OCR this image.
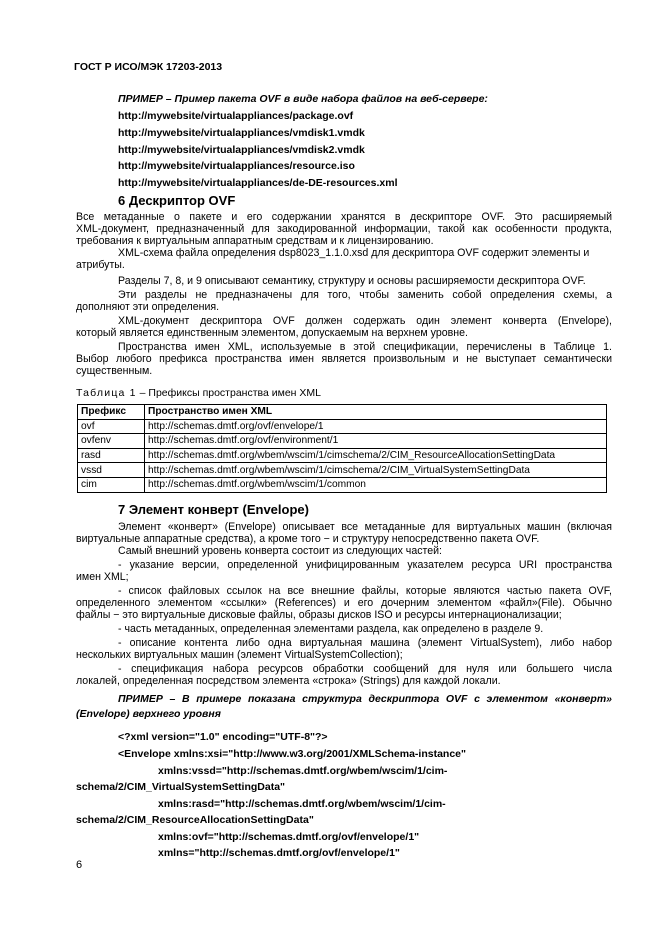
ГОСТ Р ИСО/МЭК 17203-2013
ПРИМЕР – Пример пакета OVF в виде набора файлов на веб-сервере:
http://mywebsite/virtualappliances/package.ovf
http://mywebsite/virtualappliances/vmdisk1.vmdk
http://mywebsite/virtualappliances/vmdisk2.vmdk
http://mywebsite/virtualappliances/resource.iso
http://mywebsite/virtualappliances/de-DE-resources.xml
6 Дескриптор OVF
Все метаданные о пакете и его содержании хранятся в дескрипторе OVF. Это расширяемый
XML-документ, предназначенный для закодированной информации, такой как особенности продукта,
требования к виртуальным аппаратным средствам и к лицензированию.
XML-схема файла определения dsp8023_1.1.0.xsd для дескриптора OVF содержит элементы и
атрибуты.
Разделы 7, 8, и 9 описывают семантику, структуру и основы расширяемости дескриптора OVF.
Эти разделы не предназначены для того, чтобы заменить собой определения схемы, а
дополняют эти определения.
XML-документ дескриптора OVF должен содержать один элемент конверта (Envelope),
который является единственным элементом, допускаемым на верхнем уровне.
Пространства имен XML, используемые в этой спецификации, перечислены в Таблице 1.
Выбор любого префикса пространства имен является произвольным и не выступает семантически
существенным.
Таблица 1 – Префиксы пространства имен XML
Префикс	Пространство имен XML
ovf	http://schemas.dmtf.org/ovf/envelope/1
ovfenv	http://schemas.dmtf.org/ovf/environment/1
rasd	http://schemas.dmtf.org/wbem/wscim/1/cimschema/2/CIM_ResourceAllocationSettingData
vssd	http://schemas.dmtf.org/wbem/wscim/1/cimschema/2/CIM_VirtualSystemSettingData
cim	http://schemas.dmtf.org/wbem/wscim/1/common
7 Элемент конверт (Envelope)
Элемент «конверт» (Envelope) описывает все метаданные для виртуальных машин (включая
виртуальные аппаратные средства), а кроме того − и структуру непосредственно пакета OVF.
Самый внешний уровень конверта состоит из следующих частей:
- указание версии, определенной унифицированным указателем ресурса URI пространства
имен XML;
- список файловых ссылок на все внешние файлы, которые являются частью пакета OVF,
определенного элементом «ссылки» (References) и его дочерним элементом «файл»(File). Обычно
файлы − это виртуальные дисковые файлы, образы дисков ISO и ресурсы интернационализации;
- часть метаданных, определенная элементами раздела, как определено в разделе 9.
- описание контента либо одна виртуальная машина (элемент VirtualSystem), либо набор
нескольких виртуальных машин (элемент VirtualSystemCollection);
- спецификация набора ресурсов обработки сообщений для нуля или большего числа
локалей, определенная посредством элемента «строка» (Strings) для каждой локали.
ПРИМЕР – В примере показана структура дескриптора OVF с элементом «конверт»
(Envelope) верхнего уровня
<?xml version="1.0" encoding="UTF-8"?>
<Envelope xmlns:xsi="http://www.w3.org/2001/XMLSchema-instance"
xmlns:vssd="http://schemas.dmtf.org/wbem/wscim/1/cim-
schema/2/CIM_VirtualSystemSettingData"
xmlns:rasd="http://schemas.dmtf.org/wbem/wscim/1/cim-
schema/2/CIM_ResourceAllocationSettingData"
xmlns:ovf="http://schemas.dmtf.org/ovf/envelope/1"
xmlns="http://schemas.dmtf.org/ovf/envelope/1"
6
